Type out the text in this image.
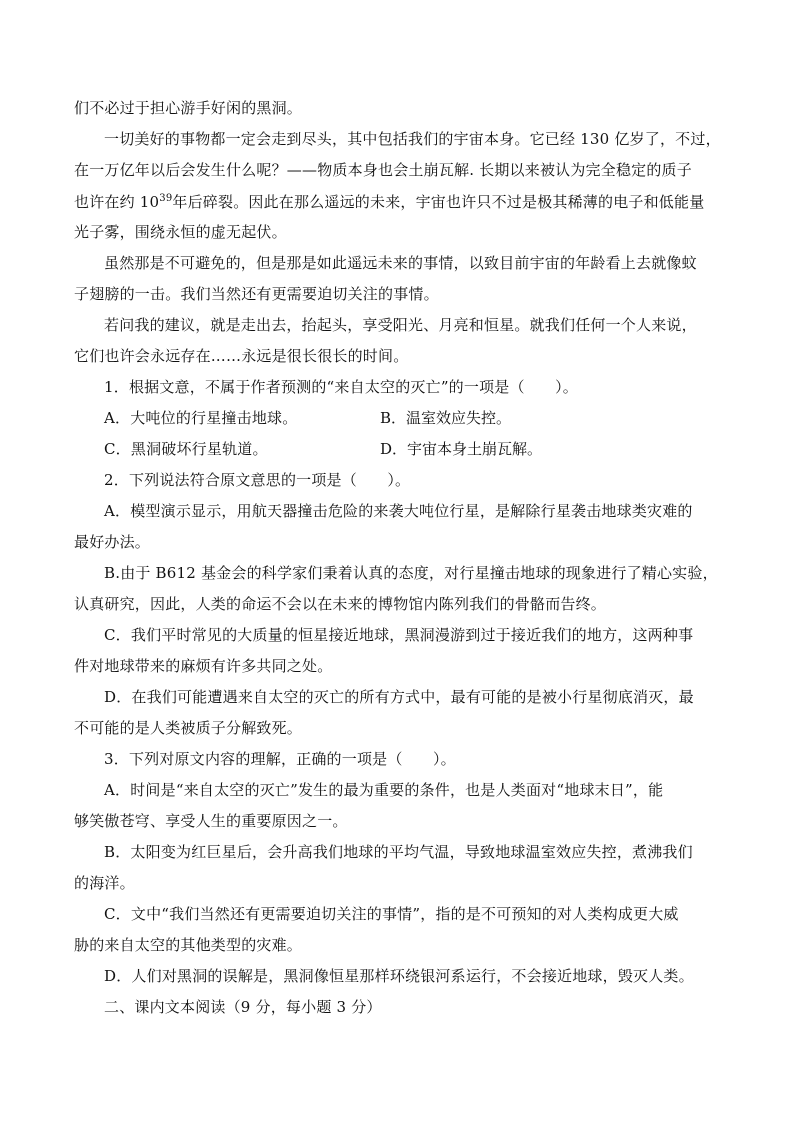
们不必过于担心游手好闲的黑洞。
一切美好的事物都一定会走到尽头，其中包括我们的宇宙本身。它已经 130 亿岁了，不过，
在一万亿年以后会发生什么呢？——物质本身也会土崩瓦解. 长期以来被认为完全稳定的质子
也许在约 $10^{39}$年后碎裂。因此在那么遥远的未来，宇宙也许只不过是极其稀薄的电子和低能量
光子雾，围绕永恒的虚无起伏。
虽然那是不可避免的，但是那是如此遥远未来的事情，以致目前宇宙的年龄看上去就像蚊
子翅膀的一击。我们当然还有更需要迫切关注的事情。
若问我的建议，就是走出去，抬起头，享受阳光、月亮和恒星。就我们任何一个人来说，
它们也许会永远存在……永远是很长很长的时间。
1．根据文意，不属于作者预测的“来自太空的灭亡”的一项是（　　）。
A．大吨位的行星撞击地球。	B．温室效应失控。
C．黑洞破坏行星轨道。	D．宇宙本身土崩瓦解。
2．下列说法符合原文意思的一项是（　　）。
A．模型演示显示，用航天器撞击危险的来袭大吨位行星，是解除行星袭击地球类灾难的
最好办法。
B.由于 B612 基金会的科学家们秉着认真的态度，对行星撞击地球的现象进行了精心实验，
认真研究，因此，人类的命运不会以在未来的博物馆内陈列我们的骨骼而告终。
C．我们平时常见的大质量的恒星接近地球，黑洞漫游到过于接近我们的地方，这两种事
件对地球带来的麻烦有许多共同之处。
D．在我们可能遭遇来自太空的灭亡的所有方式中，最有可能的是被小行星彻底消灭，最
不可能的是人类被质子分解致死。
3．下列对原文内容的理解，正确的一项是（　　）。
A．时间是“来自太空的灭亡”发生的最为重要的条件，也是人类面对“地球末日”，能
够笑傲苍穹、享受人生的重要原因之一。
B．太阳变为红巨星后，会升高我们地球的平均气温，导致地球温室效应失控，煮沸我们
的海洋。
C．文中“我们当然还有更需要迫切关注的事情”，指的是不可预知的对人类构成更大威
胁的来自太空的其他类型的灾难。
D．人们对黑洞的误解是，黑洞像恒星那样环绕银河系运行，不会接近地球，毁灭人类。
二、课内文本阅读（9 分，每小题 3 分）
